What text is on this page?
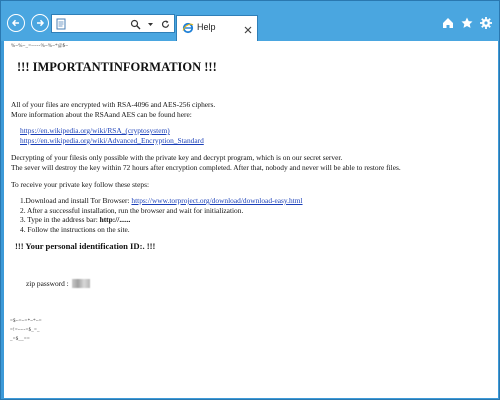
Help
%~%~_=-----%~%~*@$~
!!! IMPORTANTINFORMATION !!!
All of your files are encrypted with RSA-4096 and AES-256 ciphers.
More information about the RSAand AES can be found here:
https://en.wikipedia.org/wiki/RSA_(cryptosystem)
https://en.wikipedia.org/wiki/Advanced_Encryption_Standard
Decrypting of your filesis only possible with the private key and decrypt program, which is on our secret server.
The sever will destroy the key within 72 hours after encryption completed. After that, nobody and never will be able to restore files.
To receive your private key follow these steps:
1.Download and install Tor Browser: https://www.torproject.org/download/download-easy.html
2. After a successful installation, run the browser and wait for initialization.
3. Type in the address bar: http://......
4. Follow the instructions on the site.
!!! Your personal identification ID:. !!!
zip password :
=$~=~=*~*~=
=!=~~-=$_=_
_=$__==
